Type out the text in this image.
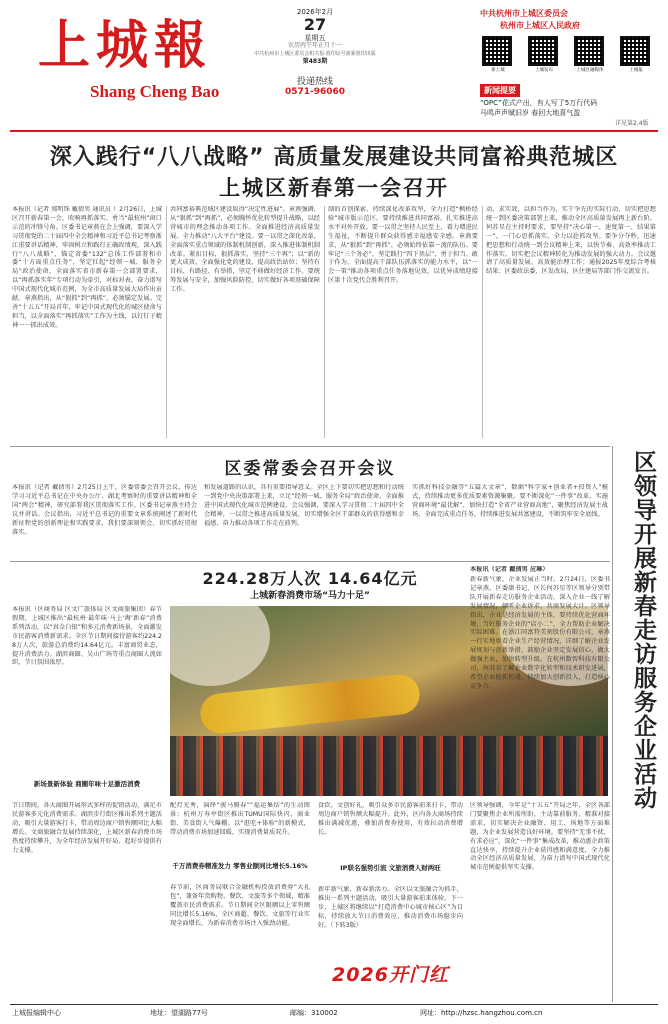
上城報
Shang Cheng Bao
2026年2月
27
星期五
农历丙午年正月十一
中共杭州市上城区委员会机关报·准印证号浙新准印出版
第483期
投递热线
0571-96060
中共杭州市上城区委员会
杭州市上城区人民政府
新上城	上城发布	上城区融媒体	上城报
新闻提要
“OPC”花式产出，有人写了5万行代码
马鸣声声赋旧岁 春回大地喜气盈
详见第2,4版
深入践行“八八战略” 高质量发展建设共同富裕典范城区
上城区新春第一会召开
本报讯（记者 郑明珠 戴倩男 通讯员 ）2月26日，上城区召开新春第一会，吹响再抓落实、勇当“最杭州”窗口示范的冲锋号角。区委书记章燕在会上强调，要深入学习贯彻党的二十届四中全会精神和习近平总书记考察浙江重要讲话精神，牢固树立和践行正确政绩观，深入践行“八八战略”，锚定省委“132”总体工作部署和市委“十方面重点任务”，坚定扛起“经领一城、服务全局”政治使命，全面落实省市新春第一会部署要求，以“再抓落实年”专项行动为牵引，对标对表，奋力谱写中国式现代化城市范例，为全市高质量发展大局作出贡献。章燕指出，从“狠抓”到“再抓”，必须锚定发展。完善“十五五”开局首年，牢记中国式现代化的城区使命与担当，以全面落实“再抓落实”工作为主线，以钉钉子精神一一抓出成效。
共同富裕典范城区建设取得“决定性进展”。章燕强调，从“狠抓”到“再抓”，必须胸怀优化转型提升战略，以经营城市的理念推动各项工作。全面推进经济高质量发展。全力推动“八大平台”建设。要一以贯之深化改革，全面落实重点领域的体制机制创新，深入推进体制机制改革。紧扣目标，狠抓落实，坚持“三个再”；以“新的更大成效。全面强化党的建设，提高政治站位；坚持有目标、有路径、有举措，坚定不移做好经济工作。要统筹发展与安全，加强风险防控，切实做好各项基础保障工作。
制的首创探索、持续深化改革攻坚，全力打造“枫桥经验”城市版示范区。要持续推进共同富裕、扎实推进高水平对外开放。要一以贯之坚持人民至上，着力增进民生福祉，不断提升群众获得感幸福感安全感。章燕要求，从“狠抓”到“再抓”，必须始终依靠一流的队伍。要牢记“三个务必”，坚定践行“四下基层”，勇于担当、敢于作为，全面提高干部队伍抓落实的能力水平，以“一会一策”推动各项重点任务落地见效，以优异成绩迎接区第十次党代会胜利召开。
动、求实效，以担当作为、实干争先的实际行动，切实把思想统一到区委决策部署上来，推动全区高质量发展再上新台阶。何苏星在主持时要求，要坚持“决心第一、速度第一、结果第一”，一门心思抓落实、全力以赴抓攻坚。要争分夺秒，迅速把思想和行动统一到会议精神上来，以快节奏、高效率推动工作落实。切实把会议精神转化为推动发展的强大动力。会议邀请了高质量发展、高效能治理工作；通报2025年度综合考核结果；区委政法委、区发改局、区住建局等部门作交流发言。
区委常委会召开会议
本报讯（记者 戴倩男）2月25日上午，区委常委会召开会议，传达学习习近平总书记在中央办公厅、湖北考察时的重要讲话精神和全国“两会”精神，研究部署我区贯彻落实工作。区委书记章燕主持会议并讲话。会议指出，习近平总书记的重要文章系统阐述了新时代新征程党的创新理论和实践要求，我们要深刻领会、切实抓好贯彻落实。
和发展道路的认识，具有重要指导意义。全区上下要切实把思想和行动统一到党中央决策部署上来，立足“经领一城、服务全局”政治使命，全面推进中国式现代化城市范例建设。会议强调，要深入学习贯彻二十届四中全会精神，一以贯之推进高质量发展，切实增强全区干部群众的获得感和幸福感，奋力推动各项工作走在前列。
实抓好科技金融等“五篇大文章”，数据“科学家+创业者+投资人”模式，持续推动更多优质要素资源集聚。要不断深化“一件事”改革，实施营商环境“最优解”，加快打造“全省产业营商高地”，聚焦经济发展主战场，全面完成重点任务，持续推进发展共富建设，不断筑牢安全底线。
224.28万人次 14.64亿元
上城新春消费市场“马力十足”
本报讯（区商务局 区文广旅体局 区文商旅集团）春节假期，上城区推出“最杭州·最年味·马上‘淘’新春”消费系列活动，以“真金白银”和多元消费新场景，全面激发市民游客消费新需求。全区节日期间接待游客约224.28万人次，旅游总消费约14.64亿元。丰富商贸业态，提升消费活力。湖滨商圈、吴山广场等重点商圈人流如织，节日氛围浓厚。
新场景新体验 商圈年味十足激活消费
节日期间，各大商圈开展形式多样的促销活动，满足市民游客多元化消费需求。湖滨步行街区推出系列主题活动，吸引大量游客打卡，带动周边商户销售额同比大幅增长。文商旅融合发展持续深化，上城区新春消费市场热度持续攀升，为全年经济发展开好局、起好步提供有力支撑。
配灯光秀，演绎“骏马腾春”“福运集结”的生动图景；杭州万寿亭街区推出TUMU国际快闪，商业街、美食街人气爆棚。以“逛吃+体验”的新模式，带动消费市场加速回暖，实现消费量质双升。
千万消费券精准发力 零售业额同比增长5.16%
春节前，区商务局联合金融机构投放消费券“大礼包”，兼备年货购物、餐饮、文旅等多个领域，精准覆盖市民消费需求。节日期间全区限额以上零售额同比增长5.16%，全区商超、餐饮、文旅等行业实现全面增长，为新春消费市场注入强劲动能。
食饮、文创好礼，吸引众多市民游客前来打卡，带动周边商户销售额大幅提升。此外，区内各大商场持续推出满减优惠，叠加消费券使用，有效拉动消费增长。
IP联名强势引流 文旅消费人财两旺
新年新气象，新春新活力。全区以文旅融合为抓手，推出一系列主题活动，吸引大量游客前来体验。下一步，上城区将继续以“打造消费中心城市核心区”为目标，持续放大节日消费效应，推动消费市场稳步向好。（下转3版）
2026开门红
区领导开展新春走访服务企业活动
本报讯（记者 戴倩男 应琳）
新春新气象，企业发展正当时。2月24日，区委书记章燕，区委副书记、区长何苏星等区领导分别带队开展新春走访服务企业活动，深入企业一线了解发展情况，倾听企业诉求，共商发展大计。区领导指出，企业是经济发展的主体，要持续优化营商环境，当好服务企业的“店小二”，全力帮助企业解决实际困难。在浙江同富特美刻股份有限公司，章燕一行实地察看企业生产经营情况，详细了解企业发展规划与创新举措，鼓励企业坚定发展信心，做大做强主业，加快转型升级。在杭州数智科技有限公司，何苏星了解企业数字化转型和技术研发进展，希望企业抢抓机遇，持续加大创新投入，打造核心竞争力。
区领导强调，今年是“十五五”开局之年，全区各部门要聚焦企业所需所盼，主动靠前服务，精准对接需求，切实解决企业融资、用工、场地等方面难题，为企业发展营造良好环境。要坚持“无事不扰、有求必应”，深化“一件事”集成改革，推动惠企政策直达快享，持续提升企业获得感和满意度，全力推动全区经济高质量发展，为奋力谱写中国式现代化城市范例提供坚实支撑。
上城报编辑中心	地址：望湖路77号	邮编：310002	网址：http://hzsc.hangzhou.com.cn
